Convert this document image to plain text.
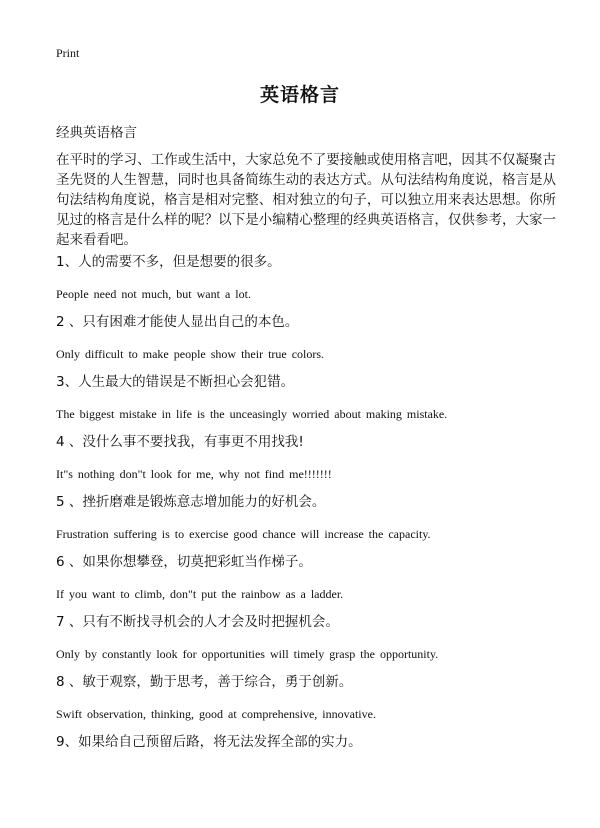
Print
英语格言
经典英语格言
在平时的学习、工作或生活中，大家总免不了要接触或使用格言吧，因其不仅凝聚古圣先贤的人生智慧，同时也具备简练生动的表达方式。从句法结构角度说，格言是从句法结构角度说，格言是相对完整、相对独立的句子，可以独立用来表达思想。你所见过的格言是什么样的呢？以下是小编精心整理的经典英语格言，仅供参考，大家一起来看看吧。
1、人的需要不多，但是想要的很多。
People need not much, but want a lot.
2 、只有困难才能使人显出自己的本色。
Only difficult to make people show their true colors.
3、人生最大的错误是不断担心会犯错。
The biggest mistake in life is the unceasingly worried about making mistake.
4 、没什么事不要找我，有事更不用找我!
It"s nothing don"t look for me, why not find me!!!!!!!
5 、挫折磨难是锻炼意志增加能力的好机会。
Frustration suffering is to exercise good chance will increase the capacity.
6 、如果你想攀登，切莫把彩虹当作梯子。
If you want to climb, don"t put the rainbow as a ladder.
7 、只有不断找寻机会的人才会及时把握机会。
Only by constantly look for opportunities will timely grasp the opportunity.
8 、敏于观察，勤于思考，善于综合，勇于创新。
Swift observation, thinking, good at comprehensive, innovative.
9、如果给自己预留后路，将无法发挥全部的实力。
